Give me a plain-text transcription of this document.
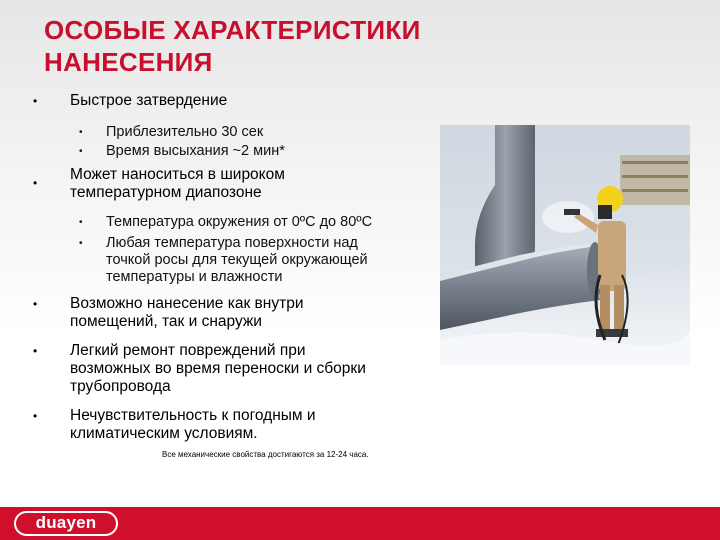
ОСОБЫЕ ХАРАКТЕРИСТИКИ
НАНЕСЕНИЯ
• Быстрое затвердение
• Приблезительно 30 сек
• Время высыхания ~2 мин*
• Может наноситься в широком
температурном диапозоне
• Температура окружения от 0ºC до 80ºC
• Любая температура поверхности над
точкой росы для текущей окружающей
температуры и влажности
• Возможно нанесение как внутри
помещений, так и снаружи
• Легкий ремонт повреждений при
возможных во время переноски и сборки
трубопровода
• Нечувствительность к погодным и
климатическим условиям.
Все механические свойства достигаются за 12-24 часа.
duayen
